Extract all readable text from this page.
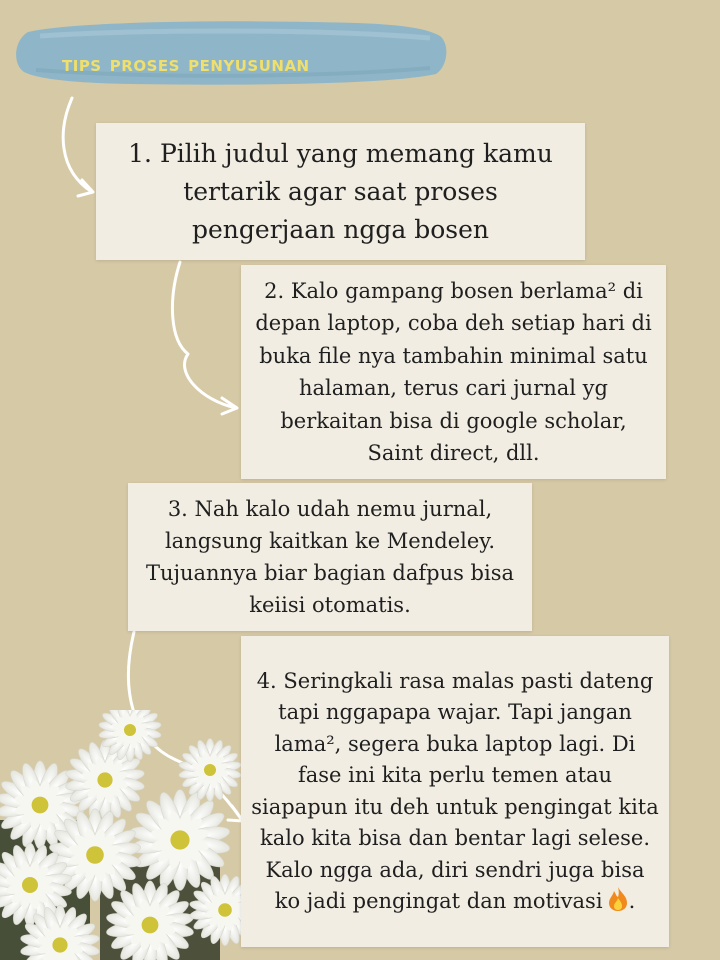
tips proses penyusunan

1. Pilih judul yang memang kamu tertarik agar saat proses pengerjaan ngga bosen

2. Kalo gampang bosen berlama² di depan laptop, coba deh setiap hari di buka file nya tambahin minimal satu halaman, terus cari jurnal yg berkaitan bisa di google scholar, Saint direct, dll.

3. Nah kalo udah nemu jurnal, langsung kaitkan ke Mendeley. Tujuannya biar bagian dafpus bisa keiisi otomatis.

4. Seringkali rasa malas pasti dateng tapi nggapapa wajar. Tapi jangan lama², segera buka laptop lagi. Di fase ini kita perlu temen atau siapapun itu deh untuk pengingat kita kalo kita bisa dan bentar lagi selese. Kalo ngga ada, diri sendri juga bisa ko jadi pengingat dan motivasi .
